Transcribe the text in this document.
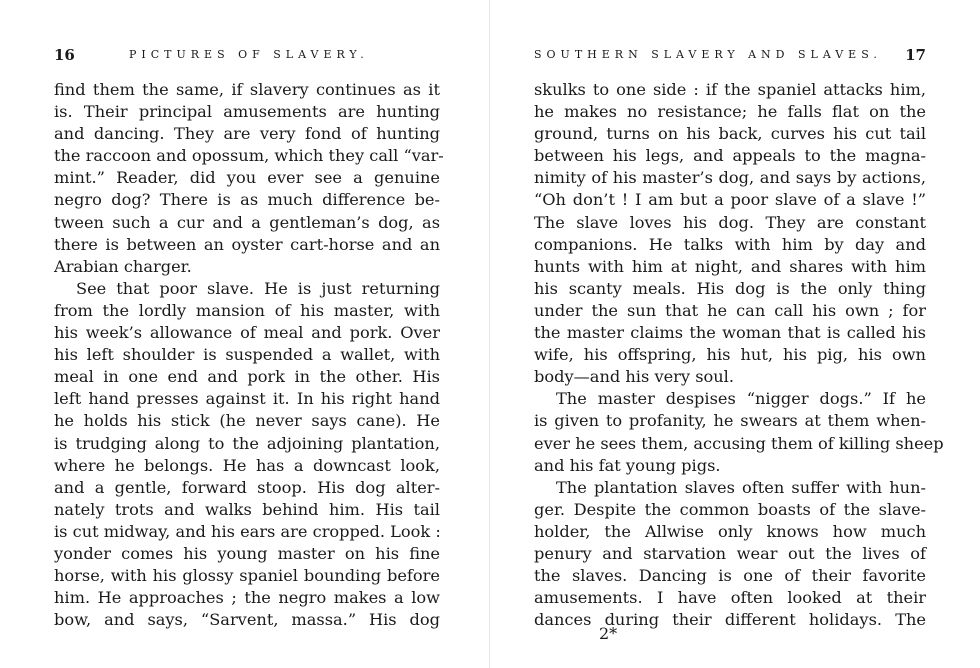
16	PICTURES OF SLAVERY.
find them the same, if slavery continues as it
is. Their principal amusements are hunting
and dancing. They are very fond of hunting
the raccoon and opossum, which they call “var-
mint.” Reader, did you ever see a genuine
negro dog? There is as much difference be-
tween such a cur and a gentleman’s dog, as
there is between an oyster cart-horse and an
Arabian charger.
See that poor slave. He is just returning
from the lordly mansion of his master, with
his week’s allowance of meal and pork. Over
his left shoulder is suspended a wallet, with
meal in one end and pork in the other. His
left hand presses against it. In his right hand
he holds his stick (he never says cane). He
is trudging along to the adjoining plantation,
where he belongs. He has a downcast look,
and a gentle, forward stoop. His dog alter-
nately trots and walks behind him. His tail
is cut midway, and his ears are cropped. Look :
yonder comes his young master on his fine
horse, with his glossy spaniel bounding before
him. He approaches ; the negro makes a low
bow, and says, “Sarvent, massa.” His dog
SOUTHERN SLAVERY AND SLAVES. 17
skulks to one side : if the spaniel attacks him,
he makes no resistance; he falls flat on the
ground, turns on his back, curves his cut tail
between his legs, and appeals to the magna-
nimity of his master’s dog, and says by actions,
“Oh don’t ! I am but a poor slave of a slave !”
The slave loves his dog. They are constant
companions. He talks with him by day and
hunts with him at night, and shares with him
his scanty meals. His dog is the only thing
under the sun that he can call his own ; for
the master claims the woman that is called his
wife, his offspring, his hut, his pig, his own
body—and his very soul.
The master despises “nigger dogs.” If he
is given to profanity, he swears at them when-
ever he sees them, accusing them of killing sheep
and his fat young pigs.
The plantation slaves often suffer with hun-
ger. Despite the common boasts of the slave-
holder, the Allwise only knows how much
penury and starvation wear out the lives of
the slaves. Dancing is one of their favorite
amusements. I have often looked at their
dances during their different holidays. The
2*
